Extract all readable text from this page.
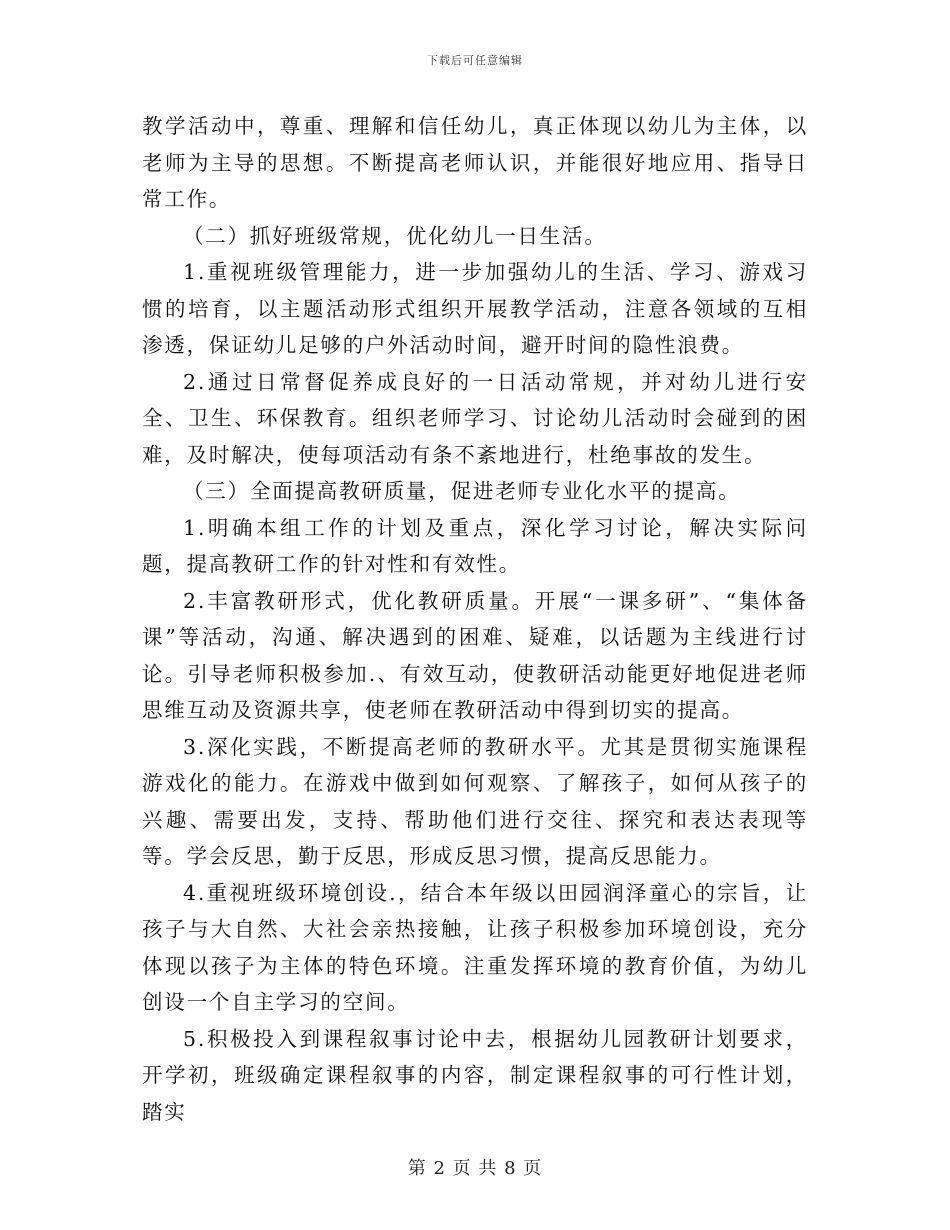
下载后可任意编辑

教学活动中，尊重、理解和信任幼儿，真正体现以幼儿为主体，以老师为主导的思想。不断提高老师认识，并能很好地应用、指导日常工作。

（二）抓好班级常规，优化幼儿一日生活。

1.重视班级管理能力，进一步加强幼儿的生活、学习、游戏习惯的培育，以主题活动形式组织开展教学活动，注意各领域的互相渗透，保证幼儿足够的户外活动时间，避开时间的隐性浪费。

2.通过日常督促养成良好的一日活动常规，并对幼儿进行安全、卫生、环保教育。组织老师学习、讨论幼儿活动时会碰到的困难，及时解决，使每项活动有条不紊地进行，杜绝事故的发生。

（三）全面提高教研质量，促进老师专业化水平的提高。

1.明确本组工作的计划及重点，深化学习讨论，解决实际问题，提高教研工作的针对性和有效性。

2.丰富教研形式，优化教研质量。开展“一课多研”、“集体备课”等活动，沟通、解决遇到的困难、疑难，以话题为主线进行讨论。引导老师积极参加.、有效互动，使教研活动能更好地促进老师思维互动及资源共享，使老师在教研活动中得到切实的提高。

3.深化实践，不断提高老师的教研水平。尤其是贯彻实施课程游戏化的能力。在游戏中做到如何观察、了解孩子，如何从孩子的兴趣、需要出发，支持、帮助他们进行交往、探究和表达表现等等。学会反思，勤于反思，形成反思习惯，提高反思能力。

4.重视班级环境创设.，结合本年级以田园润泽童心的宗旨，让孩子与大自然、大社会亲热接触，让孩子积极参加环境创设，充分体现以孩子为主体的特色环境。注重发挥环境的教育价值，为幼儿创设一个自主学习的空间。

5.积极投入到课程叙事讨论中去，根据幼儿园教研计划要求，开学初，班级确定课程叙事的内容，制定课程叙事的可行性计划，踏实

第 2 页 共 8 页
